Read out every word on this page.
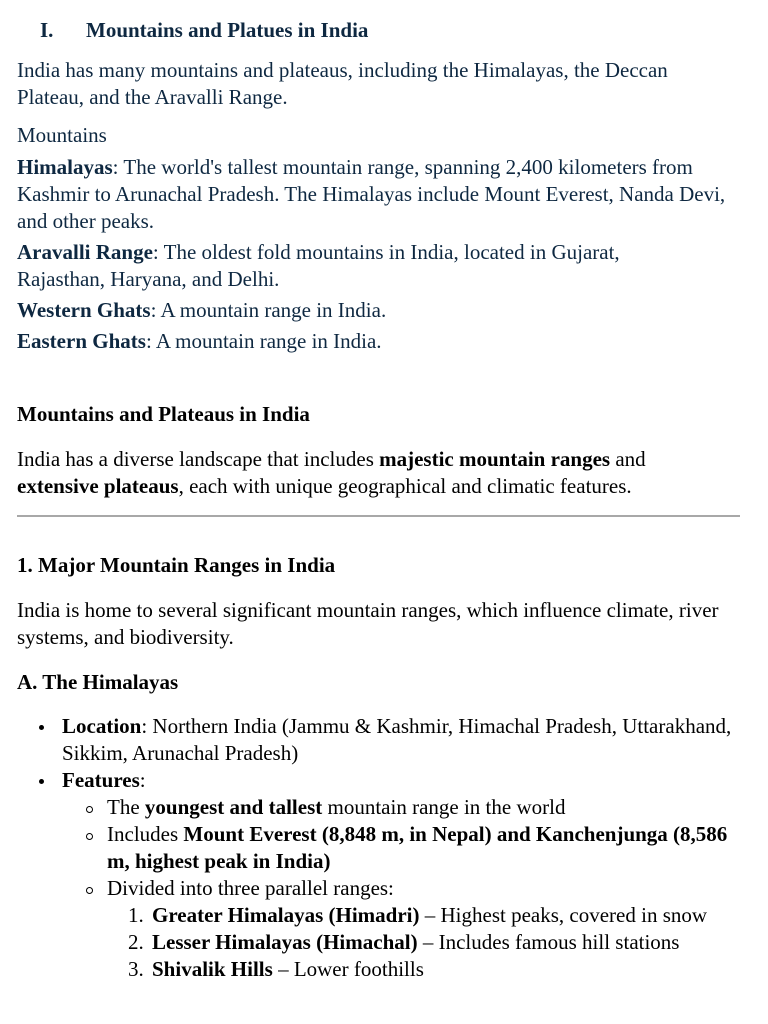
I. Mountains and Platues in India

India has many mountains and plateaus, including the Himalayas, the Deccan Plateau, and the Aravalli Range.

Mountains

Himalayas: The world's tallest mountain range, spanning 2,400 kilometers from Kashmir to Arunachal Pradesh. The Himalayas include Mount Everest, Nanda Devi, and other peaks.

Aravalli Range: The oldest fold mountains in India, located in Gujarat, Rajasthan, Haryana, and Delhi.

Western Ghats: A mountain range in India.

Eastern Ghats: A mountain range in India.

Mountains and Plateaus in India

India has a diverse landscape that includes majestic mountain ranges and extensive plateaus, each with unique geographical and climatic features.

1. Major Mountain Ranges in India

India is home to several significant mountain ranges, which influence climate, river systems, and biodiversity.

A. The Himalayas
Location: Northern India (Jammu & Kashmir, Himachal Pradesh, Uttarakhand, Sikkim, Arunachal Pradesh)
Features:
The youngest and tallest mountain range in the world
Includes Mount Everest (8,848 m, in Nepal) and Kanchenjunga (8,586 m, highest peak in India)
Divided into three parallel ranges:
1. Greater Himalayas (Himadri) – Highest peaks, covered in snow
2. Lesser Himalayas (Himachal) – Includes famous hill stations
3. Shivalik Hills – Lower foothills
